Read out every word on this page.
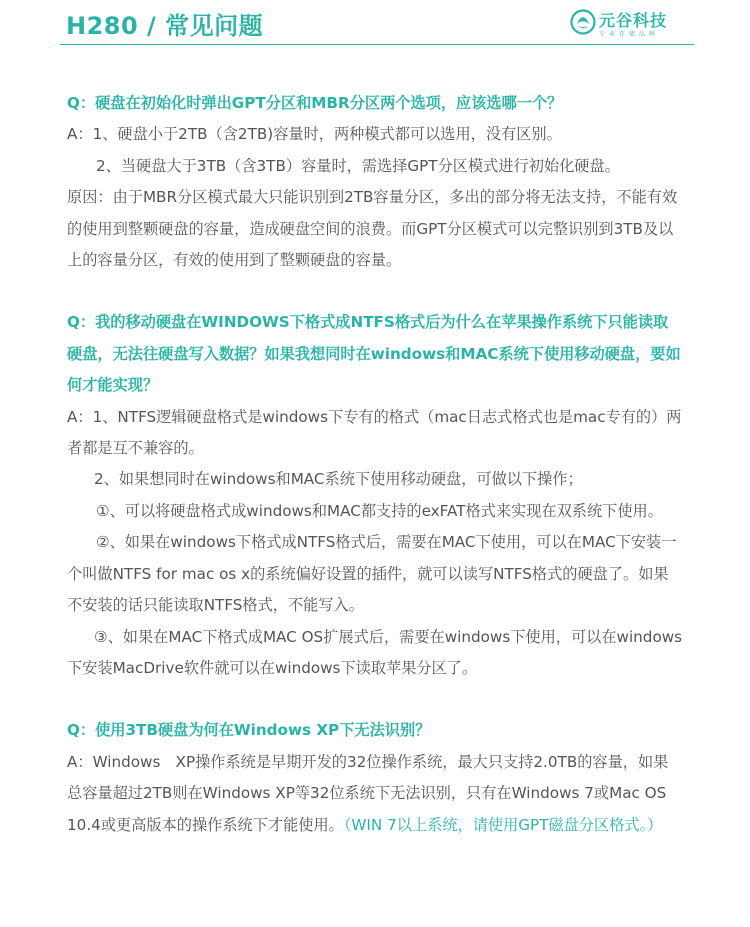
H280 / 常见问题	元谷科技
专业存储品牌

Q：硬盘在初始化时弹出GPT分区和MBR分区两个选项，应该选哪一个？

A：1、硬盘小于2TB（含2TB)容量时，两种模式都可以选用，没有区别。

2、当硬盘大于3TB（含3TB）容量时，需选择GPT分区模式进行初始化硬盘。

原因：由于MBR分区模式最大只能识别到2TB容量分区，多出的部分将无法支持，不能有效的使用到整颗硬盘的容量，造成硬盘空间的浪费。而GPT分区模式可以完整识别到3TB及以上的容量分区，有效的使用到了整颗硬盘的容量。

Q：我的移动硬盘在WINDOWS下格式成NTFS格式后为什么在苹果操作系统下只能读取硬盘，无法往硬盘写入数据？如果我想同时在windows和MAC系统下使用移动硬盘，要如何才能实现？

A：1、NTFS逻辑硬盘格式是windows下专有的格式（mac日志式格式也是mac专有的）两者都是互不兼容的。

2、如果想同时在windows和MAC系统下使用移动硬盘，可做以下操作；

①、可以将硬盘格式成windows和MAC都支持的exFAT格式来实现在双系统下使用。

②、如果在windows下格式成NTFS格式后，需要在MAC下使用，可以在MAC下安装一个叫做NTFS for mac os x的系统偏好设置的插件，就可以读写NTFS格式的硬盘了。如果不安装的话只能读取NTFS格式，不能写入。

③、如果在MAC下格式成MAC OS扩展式后，需要在windows下使用，可以在windows下安装MacDrive软件就可以在windows下读取苹果分区了。

Q：使用3TB硬盘为何在Windows XP下无法识别？

A：Windows　XP操作系统是早期开发的32位操作系统，最大只支持2.0TB的容量，如果总容量超过2TB则在Windows XP等32位系统下无法识别，只有在Windows 7或Mac OS 10.4或更高版本的操作系统下才能使用。（WIN 7以上系统，请使用GPT磁盘分区格式。）
